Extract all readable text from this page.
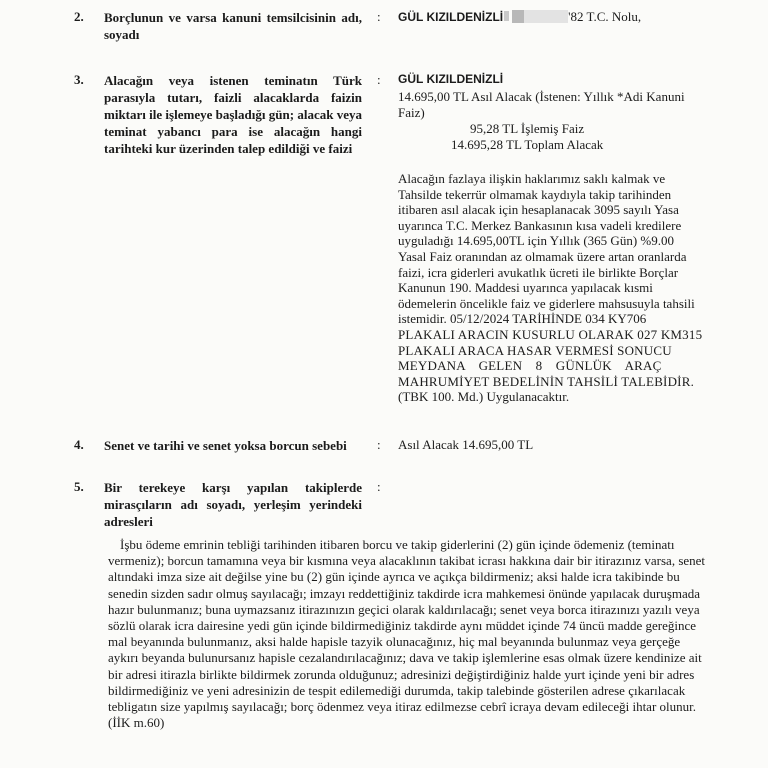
2. Borçlunun ve varsa kanuni temsilcisinin adı, soyadı
: GÜL KIZILDENİZLİ	'82 T.C. Nolu,
3. Alacağın veya istenen teminatın Türk parasıyla tutarı, faizli alacaklarda faizin miktarı ile işlemeye başladığı gün; alacak veya teminat yabancı para ise alacağın hangi tarihteki kur üzerinden talep edildiği ve faizi
: GÜL KIZILDENİZLİ
14.695,00 TL Asıl Alacak (İstenen: Yıllık *Adi Kanuni
Faiz)
95,28 TL İşlemiş Faiz
14.695,28 TL Toplam Alacak
Alacağın fazlaya ilişkin haklarımız saklı kalmak ve
Tahsilde tekerrür olmamak kaydıyla takip tarihinden
itibaren asıl alacak için hesaplanacak 3095 sayılı Yasa
uyarınca T.C. Merkez Bankasının kısa vadeli kredilere
uyguladığı 14.695,00TL için Yıllık (365 Gün) %9.00
Yasal Faiz oranından az olmamak üzere artan oranlarda
faizi, icra giderleri avukatlık ücreti ile birlikte Borçlar
Kanunun 190. Maddesi uyarınca yapılacak kısmi
ödemelerin öncelikle faiz ve giderlere mahsusuyla tahsili
istemidir. 05/12/2024 TARİHİNDE 034 KY706
PLAKALI ARACIN KUSURLU OLARAK 027 KM315
PLAKALI ARACA HASAR VERMESİ SONUCU
MEYDANA GELEN 8 GÜNLÜK ARAÇ
MAHRUMİYET BEDELİNİN TAHSİLİ TALEBİDİR.
(TBK 100. Md.) Uygulanacaktır.
4. Senet ve tarihi ve senet yoksa borcun sebebi	: Asıl Alacak 14.695,00 TL
5. Bir terekeye karşı yapılan takiplerde mirasçıların adı soyadı, yerleşim yerindeki adresleri
:
İşbu ödeme emrinin tebliği tarihinden itibaren borcu ve takip giderlerini (2) gün içinde ödemeniz (teminatı
vermeniz); borcun tamamına veya bir kısmına veya alacaklının takibat icrası hakkına dair bir itirazınız varsa, senet
altındaki imza size ait değilse yine bu (2) gün içinde ayrıca ve açıkça bildirmeniz; aksi halde icra takibinde bu
senedin sizden sadır olmuş sayılacağı; imzayı reddettiğiniz takdirde icra mahkemesi önünde yapılacak duruşmada
hazır bulunmanız; buna uymazsanız itirazınızın geçici olarak kaldırılacağı; senet veya borca itirazınızı yazılı veya
sözlü olarak icra dairesine yedi gün içinde bildirmediğiniz takdirde aynı müddet içinde 74 üncü madde gereğince
mal beyanında bulunmanız, aksi halde hapisle tazyik olunacağınız, hiç mal beyanında bulunmaz veya gerçeğe
aykırı beyanda bulunursanız hapisle cezalandırılacağınız; dava ve takip işlemlerine esas olmak üzere kendinize ait
bir adresi itirazla birlikte bildirmek zorunda olduğunuz; adresinizi değiştirdiğiniz halde yurt içinde yeni bir adres
bildirmediğiniz ve yeni adresinizin de tespit edilemediği durumda, takip talebinde gösterilen adrese çıkarılacak
tebligatın size yapılmış sayılacağı; borç ödenmez veya itiraz edilmezse cebrî icraya devam edileceği ihtar olunur.
(İİK m.60)
